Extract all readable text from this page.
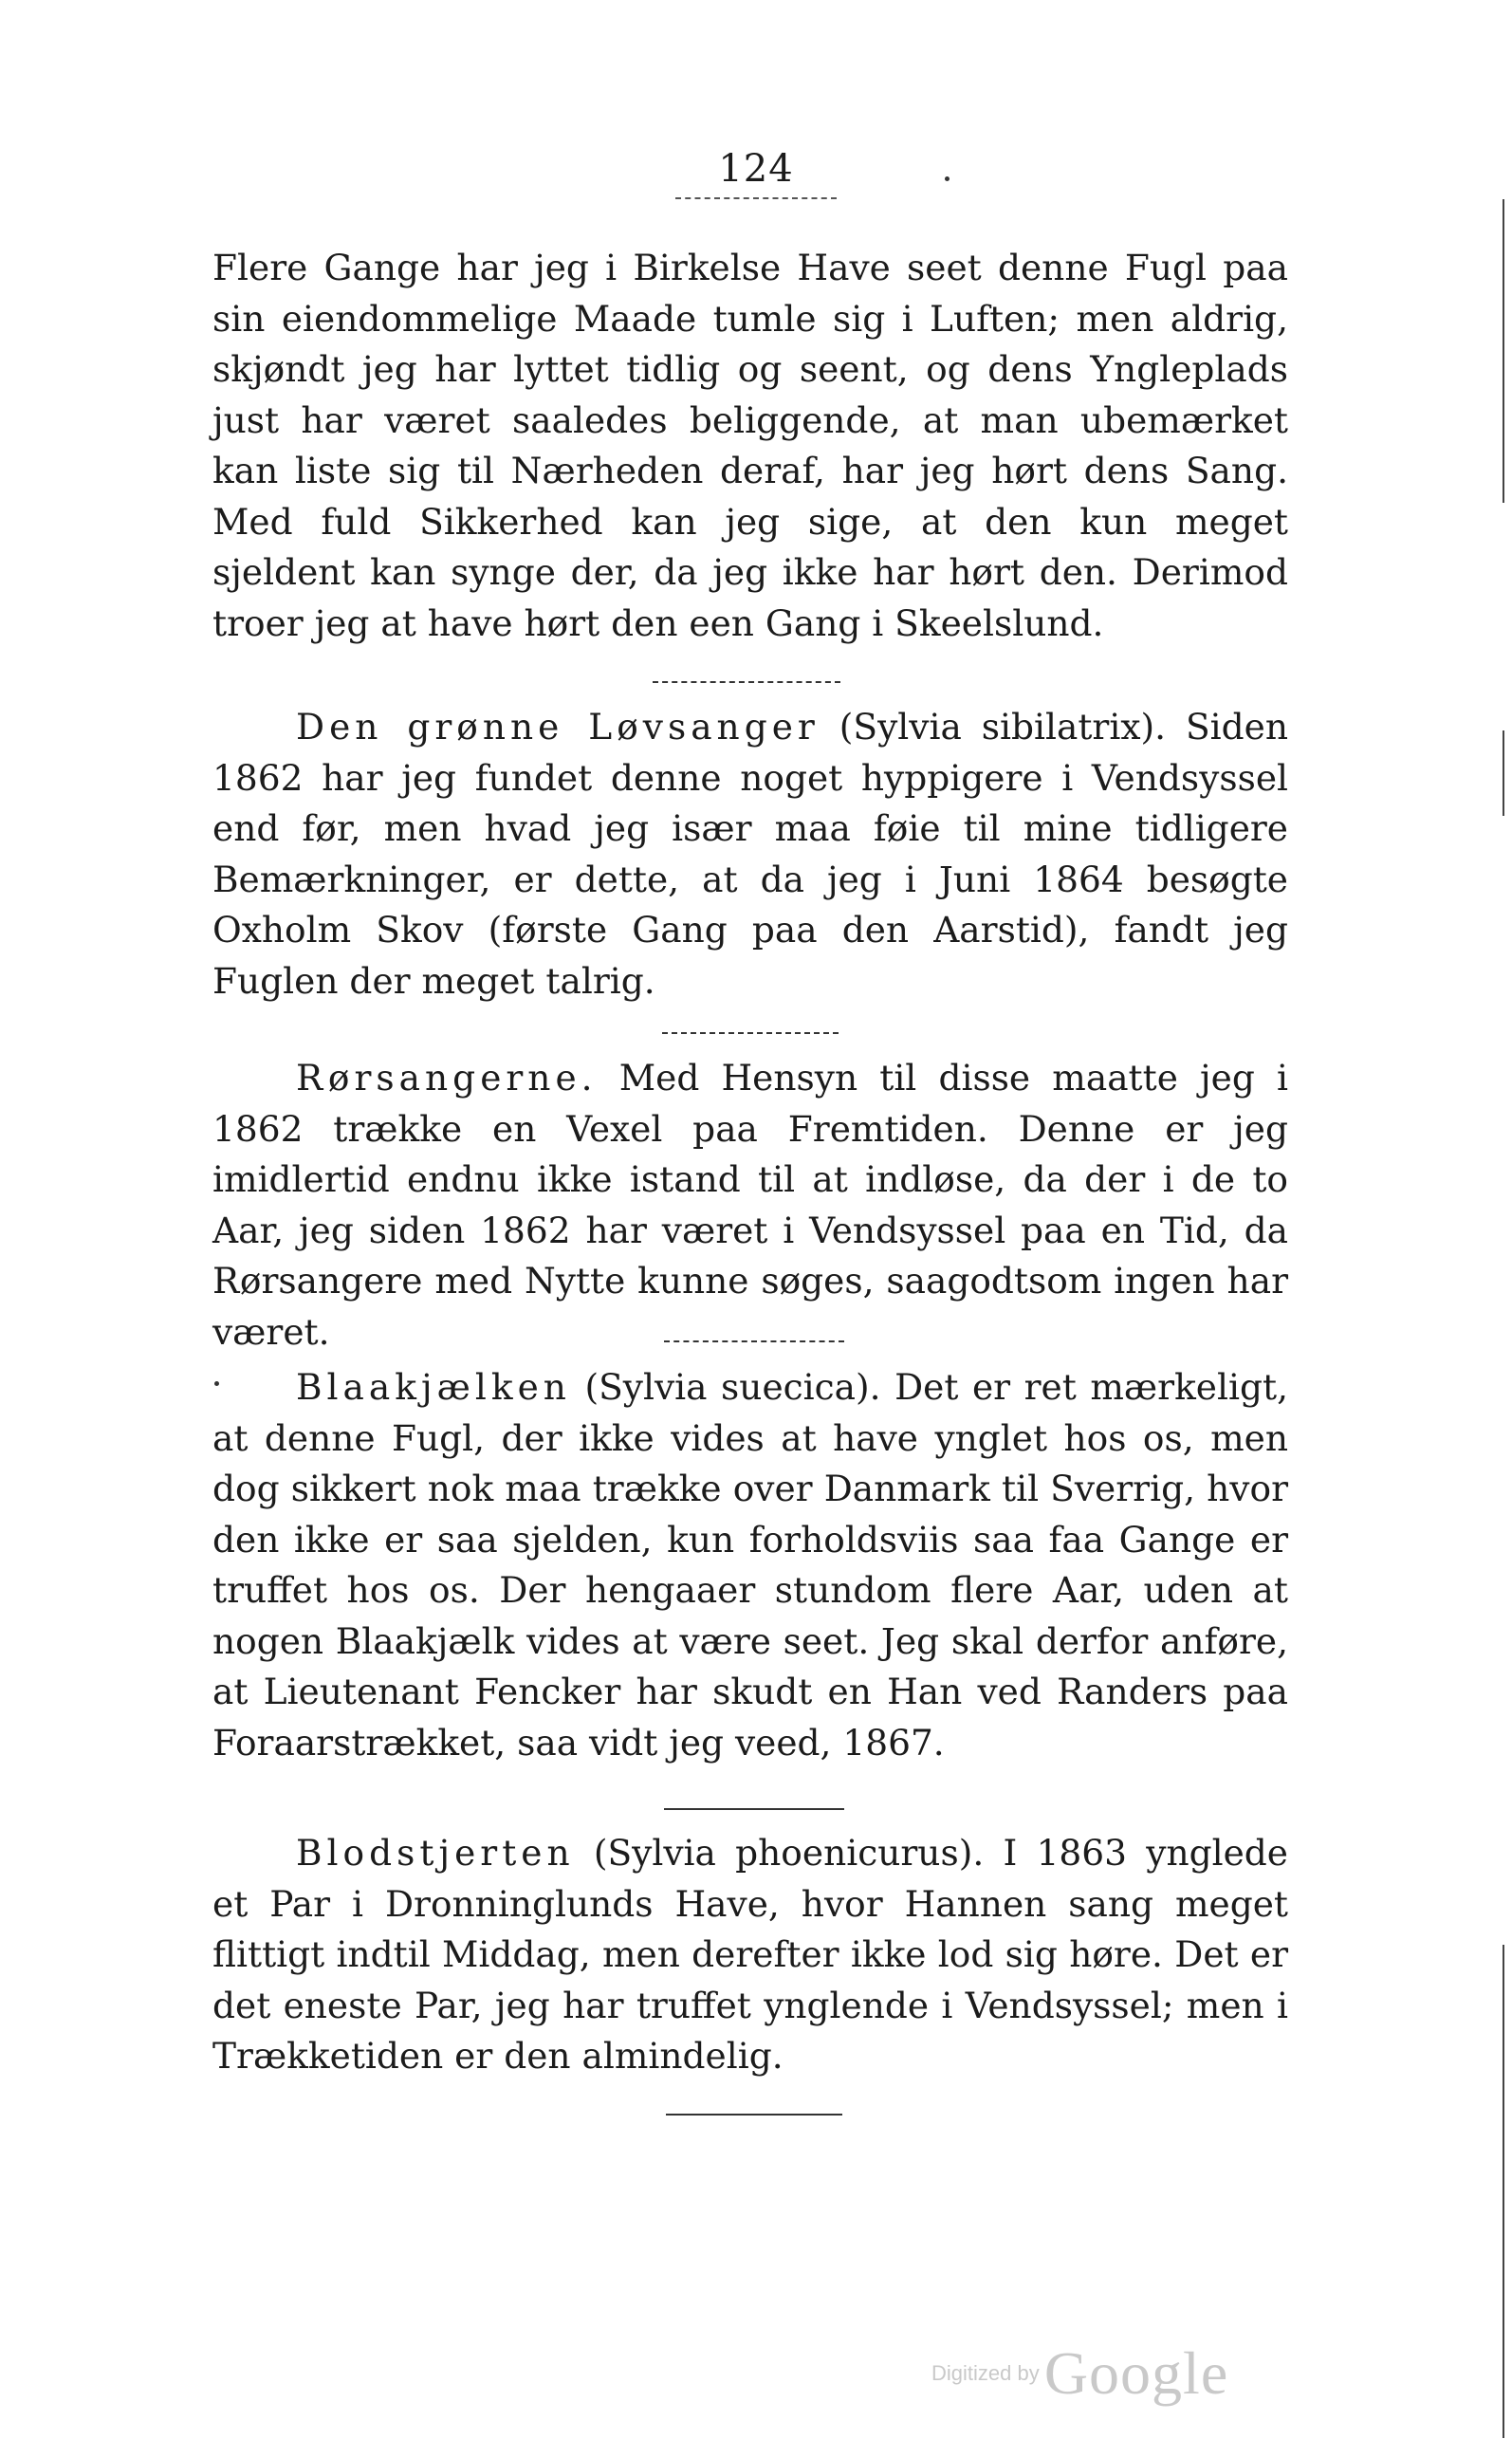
124

Flere Gange har jeg i Birkelse Have seet denne Fugl paa sin eiendommelige Maade tumle sig i Luften; men aldrig, skjøndt jeg har lyttet tidlig og seent, og dens Yngleplads just har været saaledes beliggende, at man ubemærket kan liste sig til Nærheden deraf, har jeg hørt dens Sang. Med fuld Sikkerhed kan jeg sige, at den kun meget sjeldent kan synge der, da jeg ikke har hørt den. Derimod troer jeg at have hørt den een Gang i Skeelslund.

Den grønne Løvsanger (Sylvia sibilatrix). Siden 1862 har jeg fundet denne noget hyppigere i Vendsyssel end før, men hvad jeg især maa føie til mine tidligere Bemærkninger, er dette, at da jeg i Juni 1864 besøgte Oxholm Skov (første Gang paa den Aarstid), fandt jeg Fuglen der meget talrig.

Rørsangerne. Med Hensyn til disse maatte jeg i 1862 trække en Vexel paa Fremtiden. Denne er jeg imidlertid endnu ikke istand til at indløse, da der i de to Aar, jeg siden 1862 har været i Vendsyssel paa en Tid, da Rørsangere med Nytte kunne søges, saagodtsom ingen har været.

Blaakjælken (Sylvia suecica). Det er ret mærkeligt, at denne Fugl, der ikke vides at have ynglet hos os, men dog sikkert nok maa trække over Danmark til Sverrig, hvor den ikke er saa sjelden, kun forholdsviis saa faa Gange er truffet hos os. Der hengaaer stundom flere Aar, uden at nogen Blaakjælk vides at være seet. Jeg skal derfor anføre, at Lieutenant Fencker har skudt en Han ved Randers paa Foraarstrækket, saa vidt jeg veed, 1867.

Blodstjerten (Sylvia phoenicurus). I 1863 ynglede et Par i Dronninglunds Have, hvor Hannen sang meget flittigt indtil Middag, men derefter ikke lod sig høre. Det er det eneste Par, jeg har truffet ynglende i Vendsyssel; men i Trækketiden er den almindelig.

Digitized by Google
